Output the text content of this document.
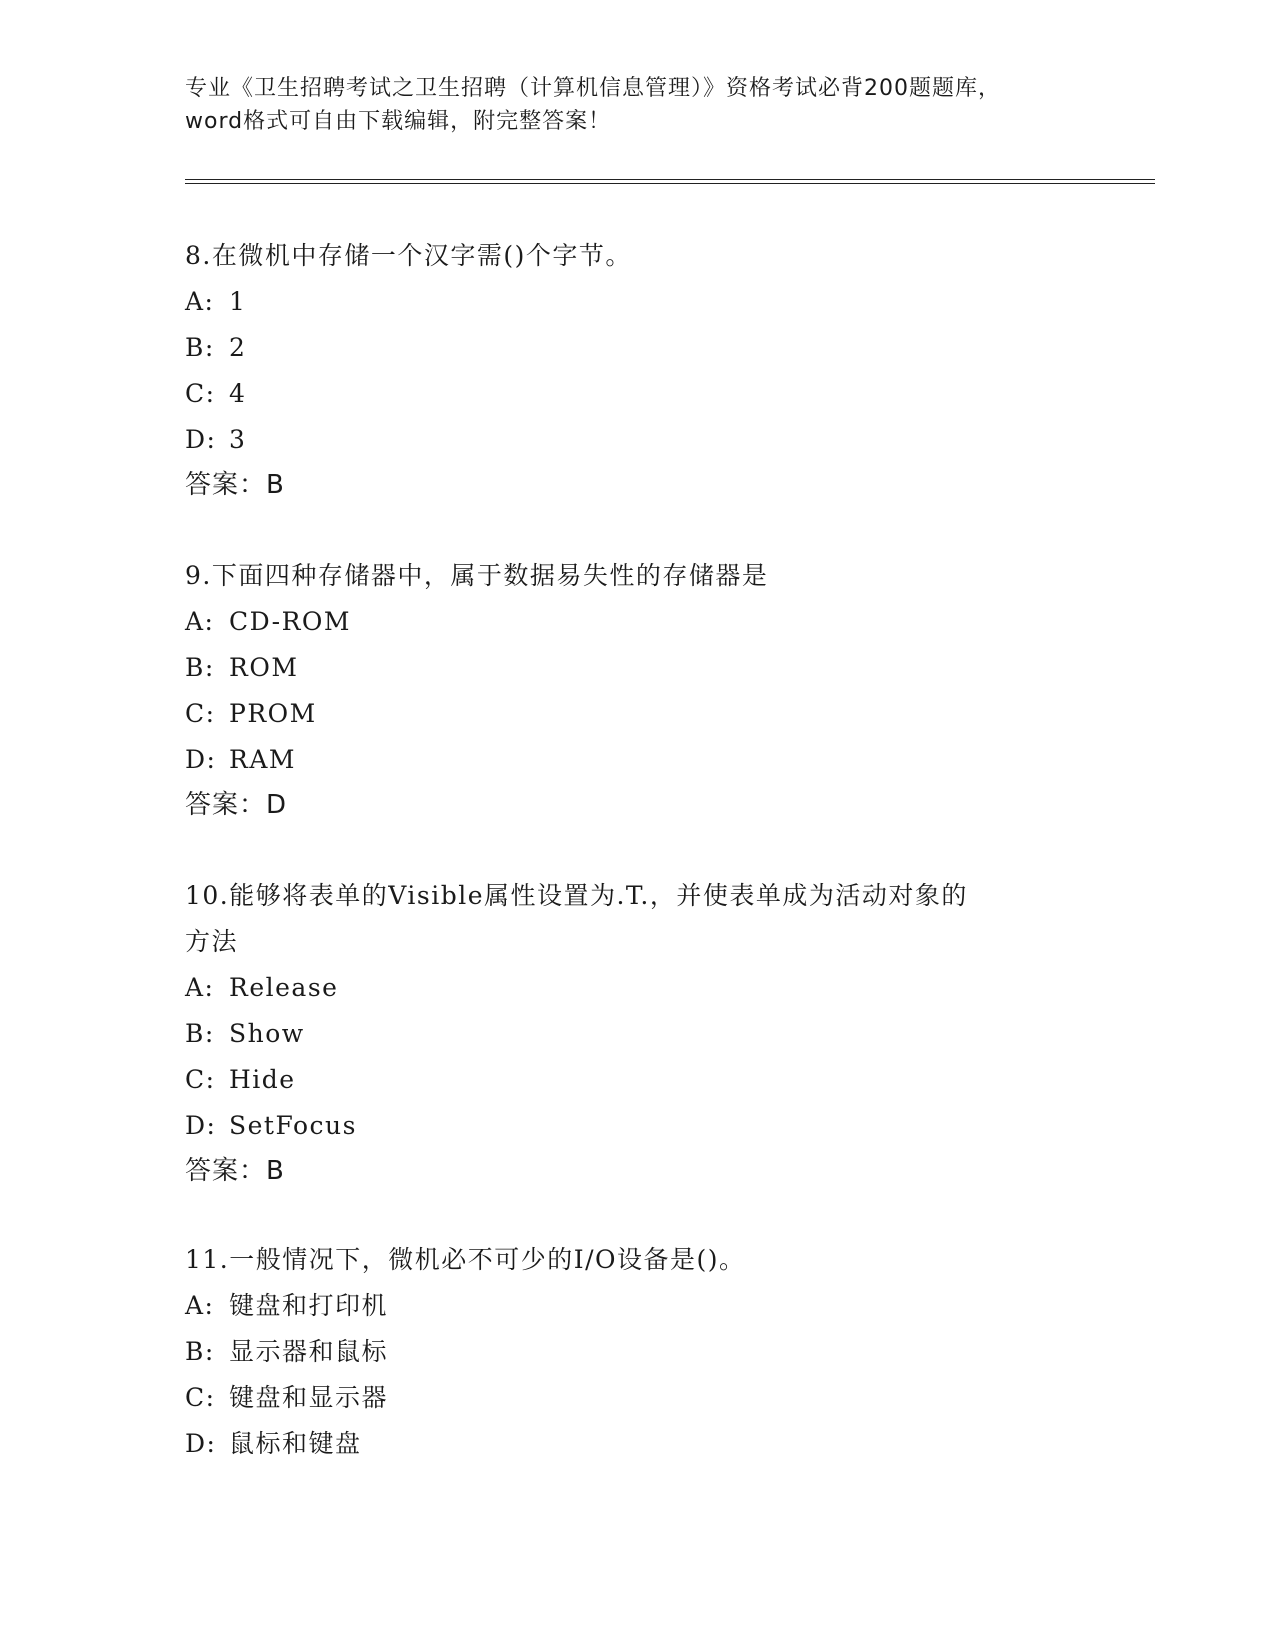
专业《卫生招聘考试之卫生招聘（计算机信息管理）》资格考试必背200题题库，
word格式可自由下载编辑，附完整答案！

8.在微机中存储一个汉字需()个字节。

A: 1

B: 2

C: 4

D: 3

答案：B

9.下面四种存储器中，属于数据易失性的存储器是

A: CD-ROM

B: ROM

C: PROM

D: RAM

答案：D

10.能够将表单的Visible属性设置为.T.，并使表单成为活动对象的

方法

A: Release

B: Show

C: Hide

D: SetFocus

答案：B

11.一般情况下，微机必不可少的I/O设备是()。

A: 键盘和打印机

B: 显示器和鼠标

C: 键盘和显示器

D: 鼠标和键盘
